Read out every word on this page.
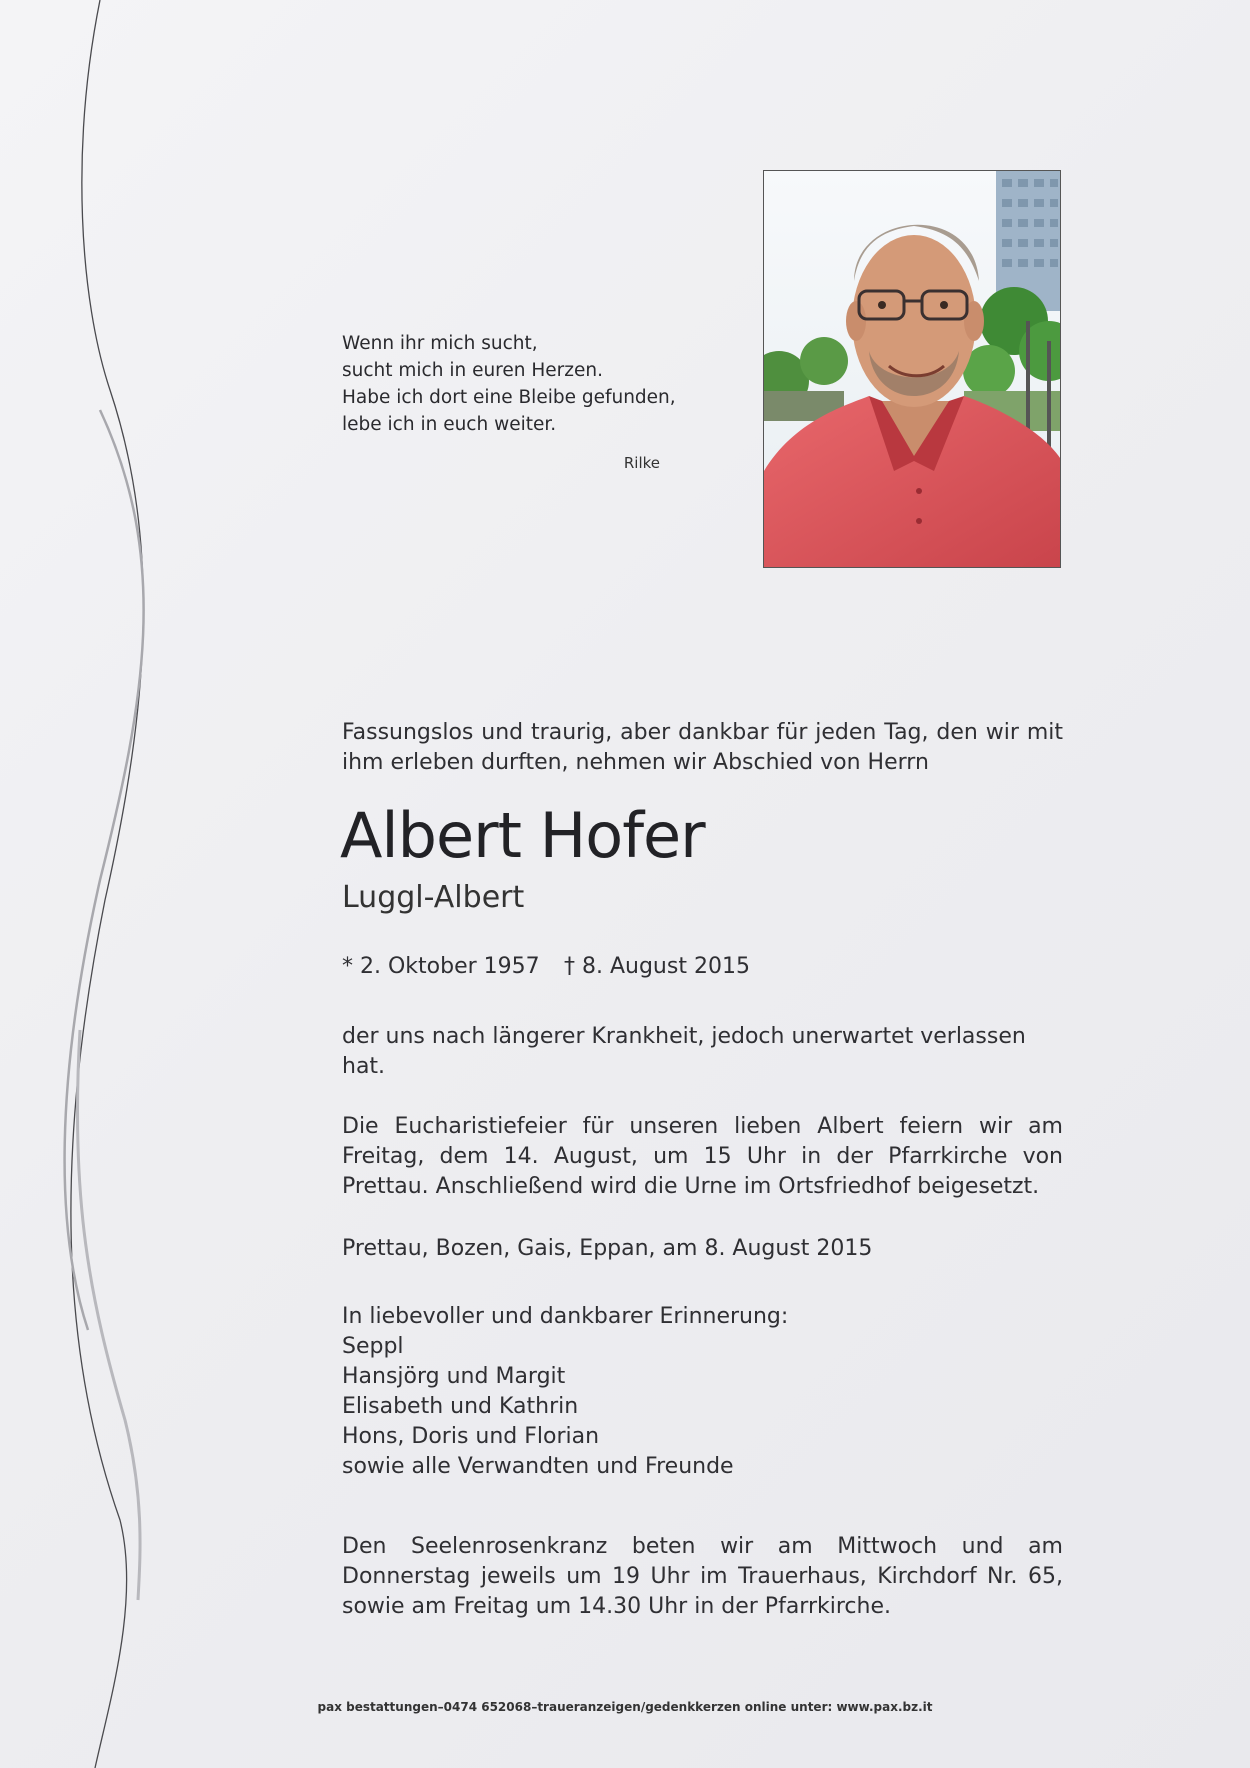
Wenn ihr mich sucht,
sucht mich in euren Herzen.
Habe ich dort eine Bleibe gefunden,
lebe ich in euch weiter.
Rilke
Fassungslos und traurig, aber dankbar für jeden Tag, den wir mit ihm erleben durften, nehmen wir Abschied von Herrn
Albert Hofer
Luggl-Albert
* 2. Oktober 1957 † 8. August 2015
der uns nach längerer Krankheit, jedoch unerwartet verlassen hat.
Die Eucharistiefeier für unseren lieben Albert feiern wir am Freitag, dem 14. August, um 15 Uhr in der Pfarrkirche von Prettau. Anschließend wird die Urne im Ortsfriedhof beigesetzt.
Prettau, Bozen, Gais, Eppan, am 8. August 2015
In liebevoller und dankbarer Erinnerung:
Seppl
Hansjörg und Margit
Elisabeth und Kathrin
Hons, Doris und Florian
sowie alle Verwandten und Freunde
Den Seelenrosenkranz beten wir am Mittwoch und am Donnerstag jeweils um 19 Uhr im Trauerhaus, Kirchdorf Nr. 65, sowie am Freitag um 14.30 Uhr in der Pfarrkirche.
pax bestattungen–0474 652068–traueranzeigen/gedenkkerzen online unter: www.pax.bz.it
